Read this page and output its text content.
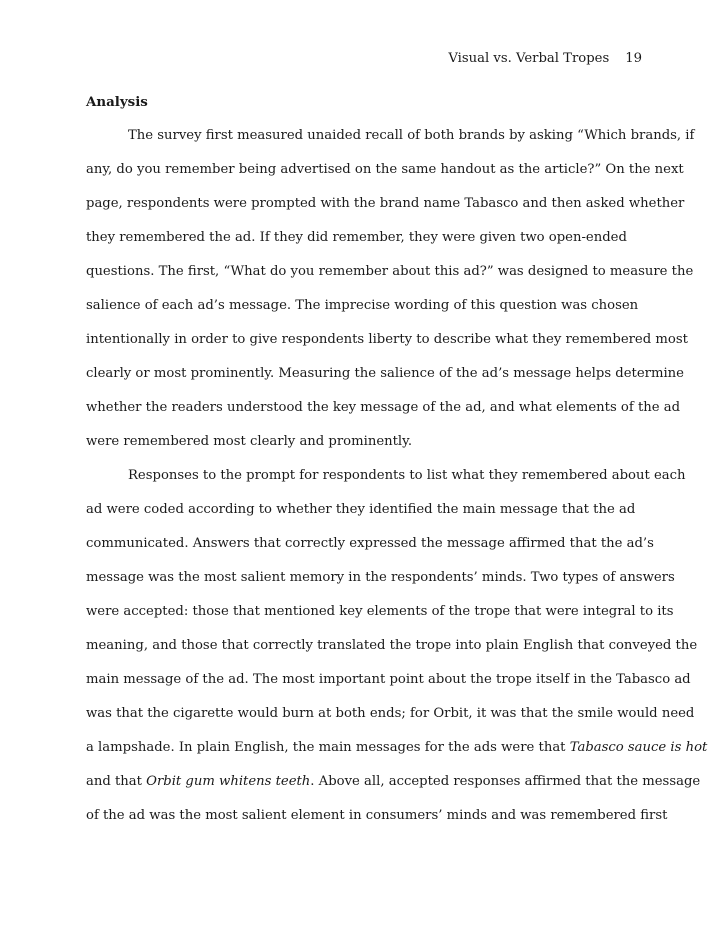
Visual vs. Verbal Tropes 19
Analysis
The survey first measured unaided recall of both brands by asking “Which brands, if
any, do you remember being advertised on the same handout as the article?” On the next
page, respondents were prompted with the brand name Tabasco and then asked whether
they remembered the ad. If they did remember, they were given two open-ended
questions. The first, “What do you remember about this ad?” was designed to measure the
salience of each ad’s message. The imprecise wording of this question was chosen
intentionally in order to give respondents liberty to describe what they remembered most
clearly or most prominently. Measuring the salience of the ad’s message helps determine
whether the readers understood the key message of the ad, and what elements of the ad
were remembered most clearly and prominently.
Responses to the prompt for respondents to list what they remembered about each
ad were coded according to whether they identified the main message that the ad
communicated. Answers that correctly expressed the message affirmed that the ad’s
message was the most salient memory in the respondents’ minds. Two types of answers
were accepted: those that mentioned key elements of the trope that were integral to its
meaning, and those that correctly translated the trope into plain English that conveyed the
main message of the ad. The most important point about the trope itself in the Tabasco ad
was that the cigarette would burn at both ends; for Orbit, it was that the smile would need
a lampshade. In plain English, the main messages for the ads were that Tabasco sauce is hot
and that Orbit gum whitens teeth. Above all, accepted responses affirmed that the message
of the ad was the most salient element in consumers’ minds and was remembered first
